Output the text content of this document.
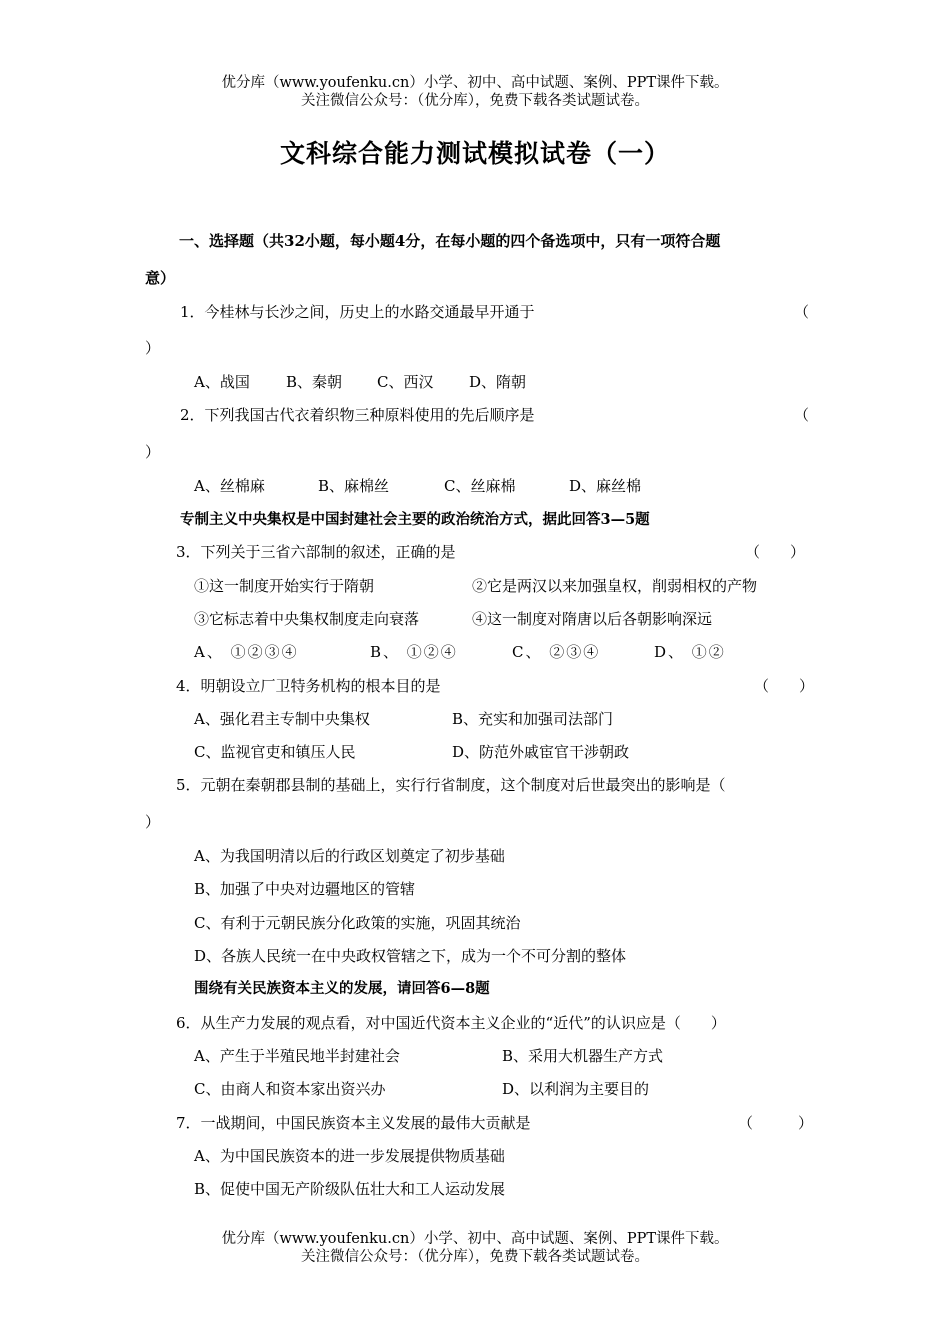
优分库（www.youfenku.cn）小学、初中、高中试题、案例、PPT课件下载。
关注微信公众号：（优分库），免费下载各类试题试卷。
文科综合能力测试模拟试卷（一）
一、选择题（共32小题，每小题4分，在每小题的四个备选项中，只有一项符合题
意）
1．今桂林与长沙之间，历史上的水路交通最早开通于	（
）
A、战国 B、秦朝 C、西汉 D、隋朝
2．下列我国古代衣着织物三种原料使用的先后顺序是	（
）
A、丝棉麻	B、麻棉丝	C、丝麻棉	D、麻丝棉
专制主义中央集权是中国封建社会主要的政治统治方式，据此回答3—5题
3．下列关于三省六部制的叙述，正确的是	（　　）
①这一制度开始实行于隋朝	②它是两汉以来加强皇权，削弱相权的产物
③它标志着中央集权制度走向衰落	④这一制度对隋唐以后各朝影响深远
A、 ①②③④	B、 ①②④	C、 ②③④	D、 ①②
4．明朝设立厂卫特务机构的根本目的是	（　　）
A、强化君主专制中央集权	B、充实和加强司法部门
C、监视官吏和镇压人民	D、防范外戚宦官干涉朝政
5．元朝在秦朝郡县制的基础上，实行行省制度，这个制度对后世最突出的影响是（
）
A、为我国明清以后的行政区划奠定了初步基础
B、加强了中央对边疆地区的管辖
C、有利于元朝民族分化政策的实施，巩固其统治
D、各族人民统一在中央政权管辖之下，成为一个不可分割的整体
围绕有关民族资本主义的发展，请回答6—8题
6．从生产力发展的观点看，对中国近代资本主义企业的“近代”的认识应是（　　）
A、产生于半殖民地半封建社会	B、采用大机器生产方式
C、由商人和资本家出资兴办	D、以利润为主要目的
7．一战期间，中国民族资本主义发展的最伟大贡献是	（　　　）
A、为中国民族资本的进一步发展提供物质基础
B、促使中国无产阶级队伍壮大和工人运动发展
优分库（www.youfenku.cn）小学、初中、高中试题、案例、PPT课件下载。
关注微信公众号：（优分库），免费下载各类试题试卷。
